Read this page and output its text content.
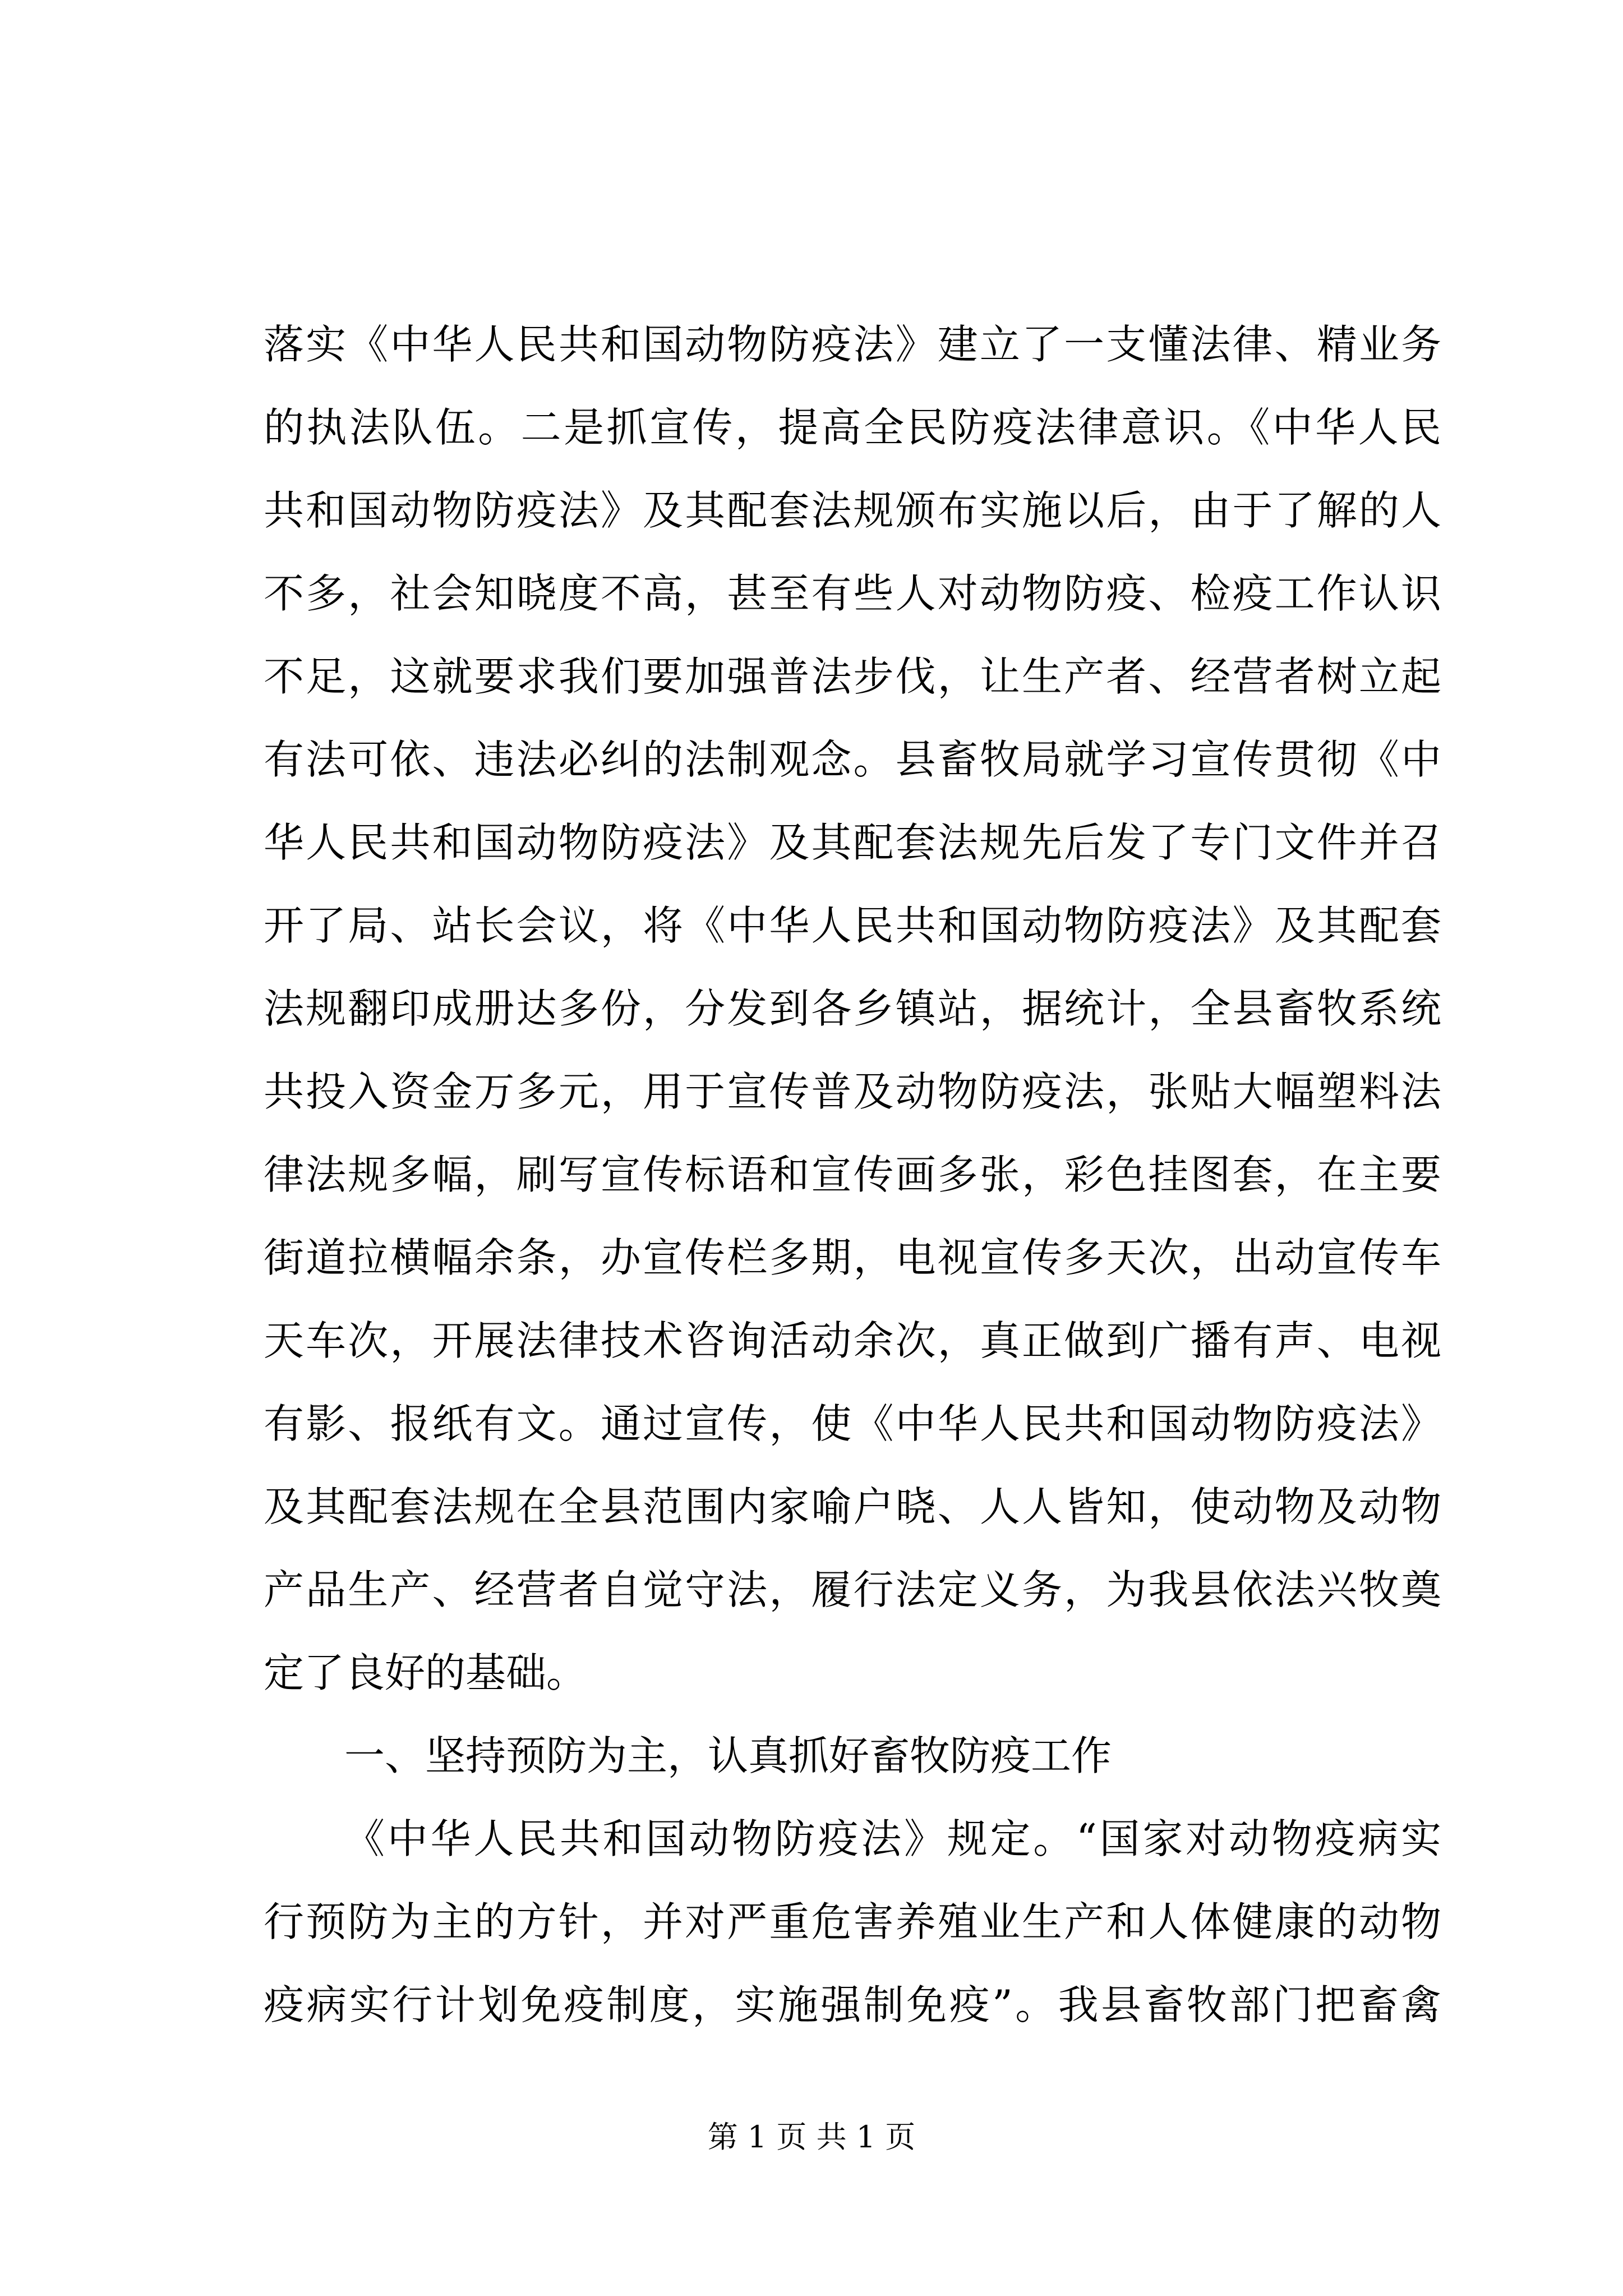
落实《中华人民共和国动物防疫法》建立了一支懂法律、精业务
的执法队伍。二是抓宣传，提高全民防疫法律意识。《中华人民
共和国动物防疫法》及其配套法规颁布实施以后，由于了解的人
不多，社会知晓度不高，甚至有些人对动物防疫、检疫工作认识
不足，这就要求我们要加强普法步伐，让生产者、经营者树立起
有法可依、违法必纠的法制观念。县畜牧局就学习宣传贯彻《中
华人民共和国动物防疫法》及其配套法规先后发了专门文件并召
开了局、站长会议，将《中华人民共和国动物防疫法》及其配套
法规翻印成册达多份，分发到各乡镇站，据统计，全县畜牧系统
共投入资金万多元，用于宣传普及动物防疫法，张贴大幅塑料法
律法规多幅，刷写宣传标语和宣传画多张，彩色挂图套，在主要
街道拉横幅余条，办宣传栏多期，电视宣传多天次，出动宣传车
天车次，开展法律技术咨询活动余次，真正做到广播有声、电视
有影、报纸有文。通过宣传，使《中华人民共和国动物防疫法》
及其配套法规在全县范围内家喻户晓、人人皆知，使动物及动物
产品生产、经营者自觉守法，履行法定义务，为我县依法兴牧奠
定了良好的基础。
一、坚持预防为主，认真抓好畜牧防疫工作
《中华人民共和国动物防疫法》规定。“国家对动物疫病实
行预防为主的方针，并对严重危害养殖业生产和人体健康的动物
疫病实行计划免疫制度，实施强制免疫”。我县畜牧部门把畜禽
第 1 页 共 1 页
